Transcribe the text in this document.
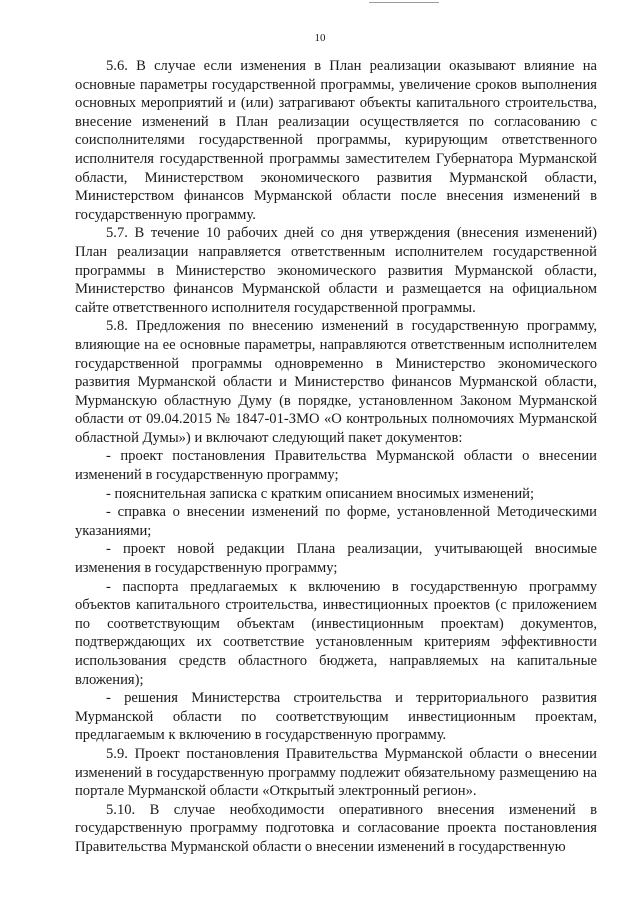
10

5.6. В случае если изменения в План реализации оказывают влияние на основные параметры государственной программы, увеличение сроков выполнения основных мероприятий и (или) затрагивают объекты капитального строительства, внесение изменений в План реализации осуществляется по согласованию с соисполнителями государственной программы, курирующим ответственного исполнителя государственной программы заместителем Губернатора Мурманской области, Министерством экономического развития Мурманской области, Министерством финансов Мурманской области после внесения изменений в государственную программу.

5.7. В течение 10 рабочих дней со дня утверждения (внесения изменений) План реализации направляется ответственным исполнителем государственной программы в Министерство экономического развития Мурманской области, Министерство финансов Мурманской области и размещается на официальном сайте ответственного исполнителя государственной программы.

5.8. Предложения по внесению изменений в государственную программу, влияющие на ее основные параметры, направляются ответственным исполнителем государственной программы одновременно в Министерство экономического развития Мурманской области и Министерство финансов Мурманской области, Мурманскую областную Думу (в порядке, установленном Законом Мурманской области от 09.04.2015 № 1847-01-ЗМО «О контрольных полномочиях Мурманской областной Думы») и включают следующий пакет документов:

- проект постановления Правительства Мурманской области о внесении изменений в государственную программу;

- пояснительная записка с кратким описанием вносимых изменений;

- справка о внесении изменений по форме, установленной Методическими указаниями;

- проект новой редакции Плана реализации, учитывающей вносимые изменения в государственную программу;

- паспорта предлагаемых к включению в государственную программу объектов капитального строительства, инвестиционных проектов (с приложением по соответствующим объектам (инвестиционным проектам) документов, подтверждающих их соответствие установленным критериям эффективности использования средств областного бюджета, направляемых на капитальные вложения);

- решения Министерства строительства и территориального развития Мурманской области по соответствующим инвестиционным проектам, предлагаемым к включению в государственную программу.

5.9. Проект постановления Правительства Мурманской области о внесении изменений в государственную программу подлежит обязательному размещению на портале Мурманской области «Открытый электронный регион».

5.10. В случае необходимости оперативного внесения изменений в государственную программу подготовка и согласование проекта постановления Правительства Мурманской области о внесении изменений в государственную
